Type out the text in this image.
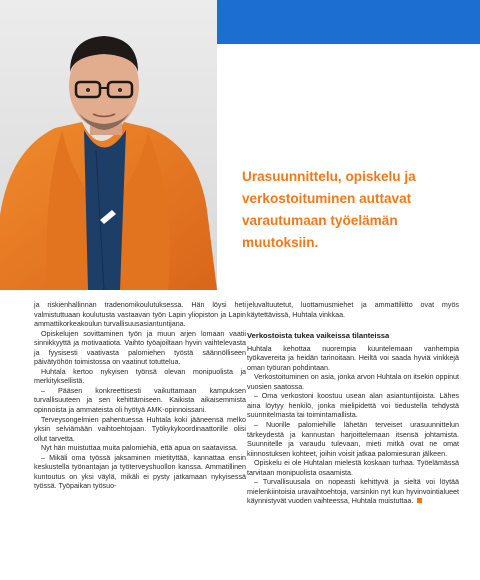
Urasuunnittelu, opiskelu ja verkostoituminen auttavat varautumaan työelämän muutoksiin.

ja riskienhallinnan tradenomikoulutuksessa. Hän löysi heti valmistuttuaan koulutusta vastaavan työn Lapin yliopiston ja Lapin ammattikorkeakoulun turvallisuusasiantuntijana.

Opiskelujen sovittaminen työn ja muun arjen lomaan vaatii sinnikkyyttä ja motivaatiota. Vaihto työajoiltaan hyvin vaihtelevasta ja fyysisesti vaativasta palomiehen työstä säännölliseen päivätyöhön toimistossa on vaatinut totuttelua.

Huhtala kertoo nykyisen työnsä olevan monipuolista ja merkityksellistä.

– Pääsen konkreettisesti vaikuttamaan kampuksen turvallisuuteen ja sen kehittämiseen. Kaikista aikaisemmista opinnoista ja ammateista oli hyötyä AMK-opinnoissani.

Terveysongelmien pahentuessa Huhtala koki jääneensä melko yksin selviämään vaihtoehtojaan. Työkykykoordinaattorille olisi ollut tarvetta.

Nyt hän muistuttaa muita palomiehiä, että apua on saatavissa.

– Mikäli oma työssä jaksaminen mietityttää, kannattaa ensin keskustella työnantajan ja työterveyshuollon kanssa. Ammatillinen kuntoutus on yksi väylä, mikäli ei pysty jatkamaan nykyisessä työssä. Työpaikan työsuo-

jeluvaltuutetut, luottamusmiehet ja ammattiliitto ovat myös käytettävissä, Huhtala vinkkaa.

Verkostoista tukea vaikeissa tilanteissa

Huhtala kehottaa nuorempia kuuntelemaan vanhempia työkavereita ja heidän tarinoitaan. Heiltä voi saada hyviä vinkkejä oman työuran pohdintaan.

Verkostoituminen on asia, jonka arvon Huhtala on itsekin oppinut vuosien saatossa.

– Oma verkostoni koostuu usean alan asiantuntijoista. Lähes aina löytyy henkilö, jonka mielipidettä voi tiedustella tehdystä suunnitelmasta tai toimintamallista.

– Nuorille palomiehille lähetän terveiset urasuunnittelun tärkeydestä ja kannustan harjoittelemaan itsensä johtamista. Suunnitelle ja varaudu tulevaan, mieti mitkä ovat ne omat kiinnostuksen kohteet, joihin voisit jatkaa palomiesuran jälkeen.

Opiskelu ei ole Huhtalan mielestä koskaan turhaa. Työelämässä tarvitaan monipuolista osaamista.

– Turvallisuusala on nopeasti kehittyvä ja sieltä voi löytää mielenkiintoisia uravaihtoehtoja, varsinkin nyt kun hyvinvointialueet käynnistyvät vuoden vaihteessa, Huhtala muistuttaa.
